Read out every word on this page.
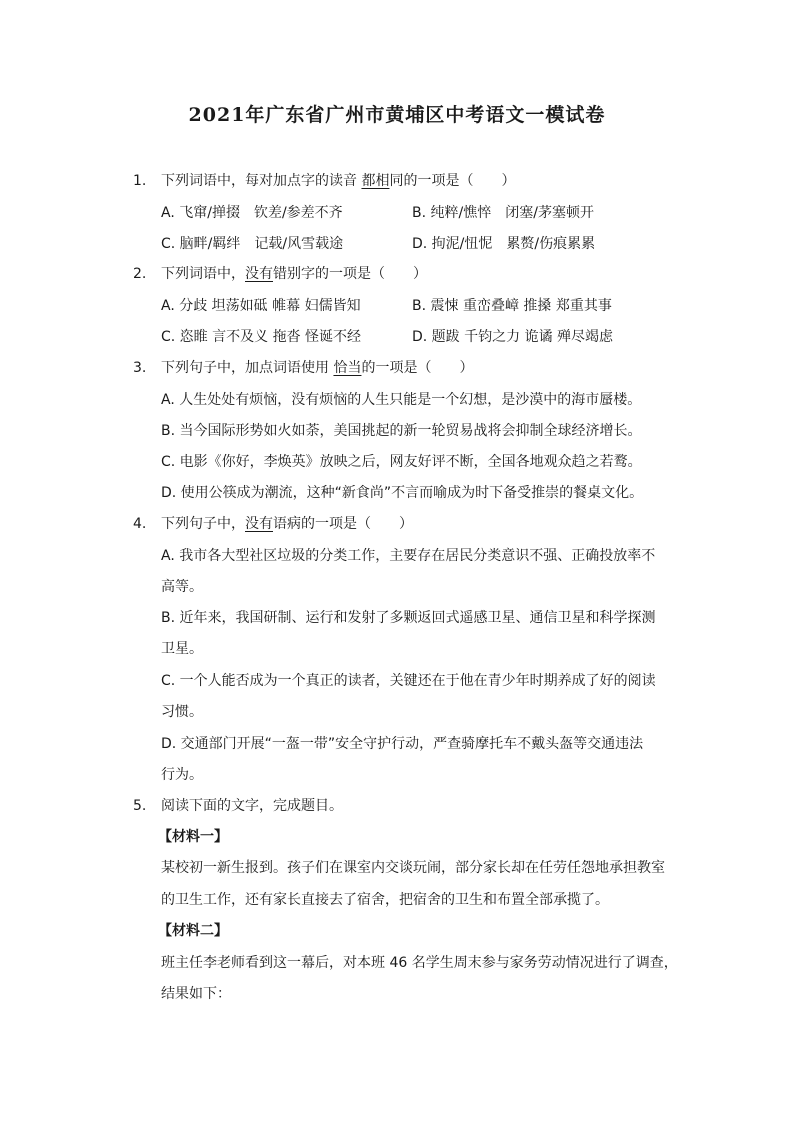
2021年广东省广州市黄埔区中考语文一模试卷
1. 下列词语中，每对加点字的读音 都相同的一项是（　　）
A. 飞窜/掸掇　钦差/参差不齐	B. 纯粹/憔悴　闭塞/茅塞顿开
C. 脑畔/羁绊　记载/风雪载途	D. 拘泥/忸怩　累赘/伤痕累累
2. 下列词语中，没有错别字的一项是（　　）
A. 分歧 坦荡如砥 帷幕 妇儒皆知	B. 震悚 重峦叠嶂 推搡 郑重其事
C. 恣睢 言不及义 拖沓 怪诞不经	D. 题跋 千钧之力 诡谲 殚尽竭虑
3. 下列句子中，加点词语使用 恰当的一项是（　　）
A. 人生处处有烦恼，没有烦恼的人生只能是一个幻想，是沙漠中的海市蜃楼。
B. 当今国际形势如火如荼，美国挑起的新一轮贸易战将会抑制全球经济增长。
C. 电影《你好，李焕英》放映之后，网友好评不断，全国各地观众趋之若鹜。
D. 使用公筷成为潮流，这种“新食尚”不言而喻成为时下备受推崇的餐桌文化。
4. 下列句子中，没有语病的一项是（　　）
A. 我市各大型社区垃圾的分类工作，主要存在居民分类意识不强、正确投放率不
高等。
B. 近年来，我国研制、运行和发射了多颗返回式遥感卫星、通信卫星和科学探测
卫星。
C. 一个人能否成为一个真正的读者，关键还在于他在青少年时期养成了好的阅读
习惯。
D. 交通部门开展“一盔一带”安全守护行动，严查骑摩托车不戴头盔等交通违法
行为。
5. 阅读下面的文字，完成题目。
【材料一】
某校初一新生报到。孩子们在课室内交谈玩闹，部分家长却在任劳任怨地承担教室
的卫生工作，还有家长直接去了宿舍，把宿舍的卫生和布置全部承揽了。
【材料二】
班主任李老师看到这一幕后，对本班 46 名学生周末参与家务劳动情况进行了调查，
结果如下：
